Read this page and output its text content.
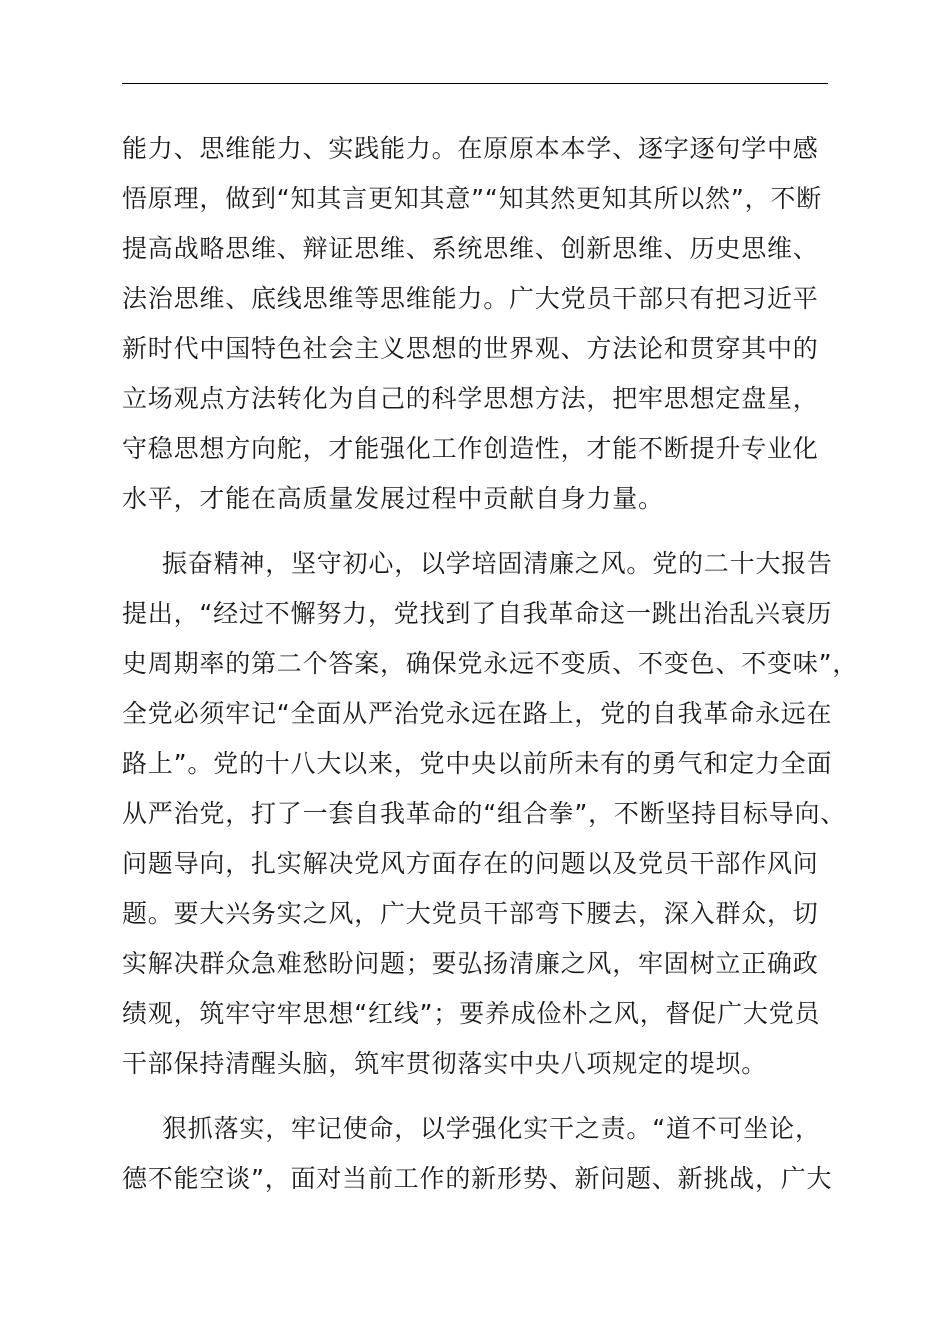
能力、思维能力、实践能力。在原原本本学、逐字逐句学中感
悟原理，做到“知其言更知其意”“知其然更知其所以然”，不断
提高战略思维、辩证思维、系统思维、创新思维、历史思维、
法治思维、底线思维等思维能力。广大党员干部只有把习近平
新时代中国特色社会主义思想的世界观、方法论和贯穿其中的
立场观点方法转化为自己的科学思想方法，把牢思想定盘星，
守稳思想方向舵，才能强化工作创造性，才能不断提升专业化
水平，才能在高质量发展过程中贡献自身力量。
振奋精神，坚守初心，以学培固清廉之风。党的二十大报告
提出，“经过不懈努力，党找到了自我革命这一跳出治乱兴衰历
史周期率的第二个答案，确保党永远不变质、不变色、不变味”，
全党必须牢记“全面从严治党永远在路上，党的自我革命永远在
路上”。党的十八大以来，党中央以前所未有的勇气和定力全面
从严治党，打了一套自我革命的“组合拳”，不断坚持目标导向、
问题导向，扎实解决党风方面存在的问题以及党员干部作风问
题。要大兴务实之风，广大党员干部弯下腰去，深入群众，切
实解决群众急难愁盼问题；要弘扬清廉之风，牢固树立正确政
绩观，筑牢守牢思想“红线”；要养成俭朴之风，督促广大党员
干部保持清醒头脑，筑牢贯彻落实中央八项规定的堤坝。
狠抓落实，牢记使命，以学强化实干之责。“道不可坐论，
德不能空谈”，面对当前工作的新形势、新问题、新挑战，广大
